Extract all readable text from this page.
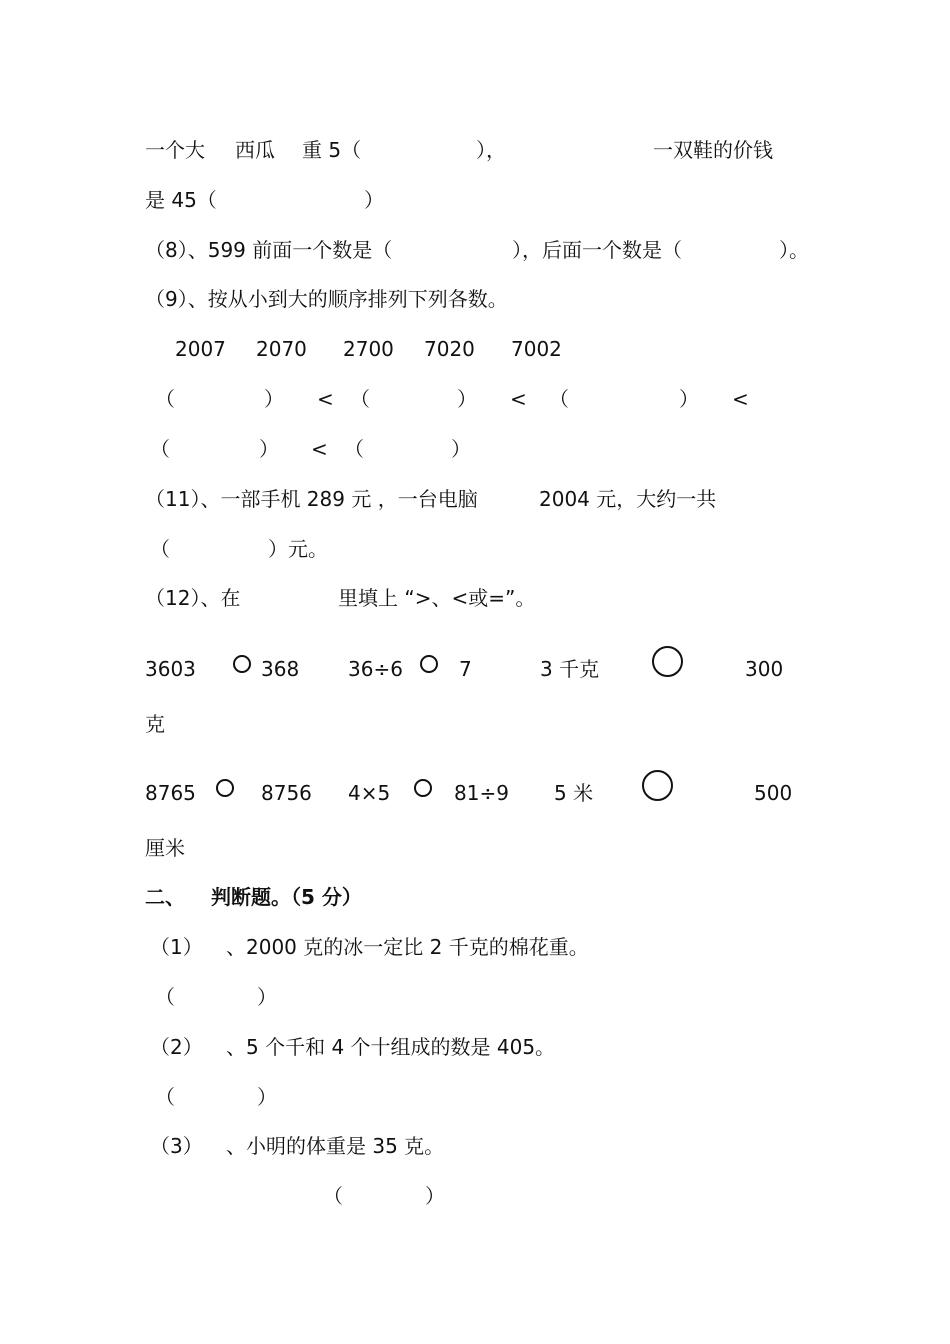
一个大 西瓜 重 5（	），	一双鞋的价钱
是 45（	）
（8）、599 前面一个数是（	），后面一个数是（	）。
（9）、按从小到大的顺序排列下列各数。
2007 2070 2700 7020 7002
（	） < （	） < （	） <
（	） < （	）
（11）、一部手机 289 元 ，一台电脑	2004 元，大约一共
（	）元。
（12）、在	里填上 “>、<或=”。
3603	368 36÷6	7	3 千克	300
克
8765	8756 4×5	81÷9 5 米	500
厘米
二、 判断题。（5 分）
（1） 、2000 克的冰一定比 2 千克的棉花重。
（	）
（2） 、5 个千和 4 个十组成的数是 405。
（	）
（3） 、小明的体重是 35 克。
（	）
